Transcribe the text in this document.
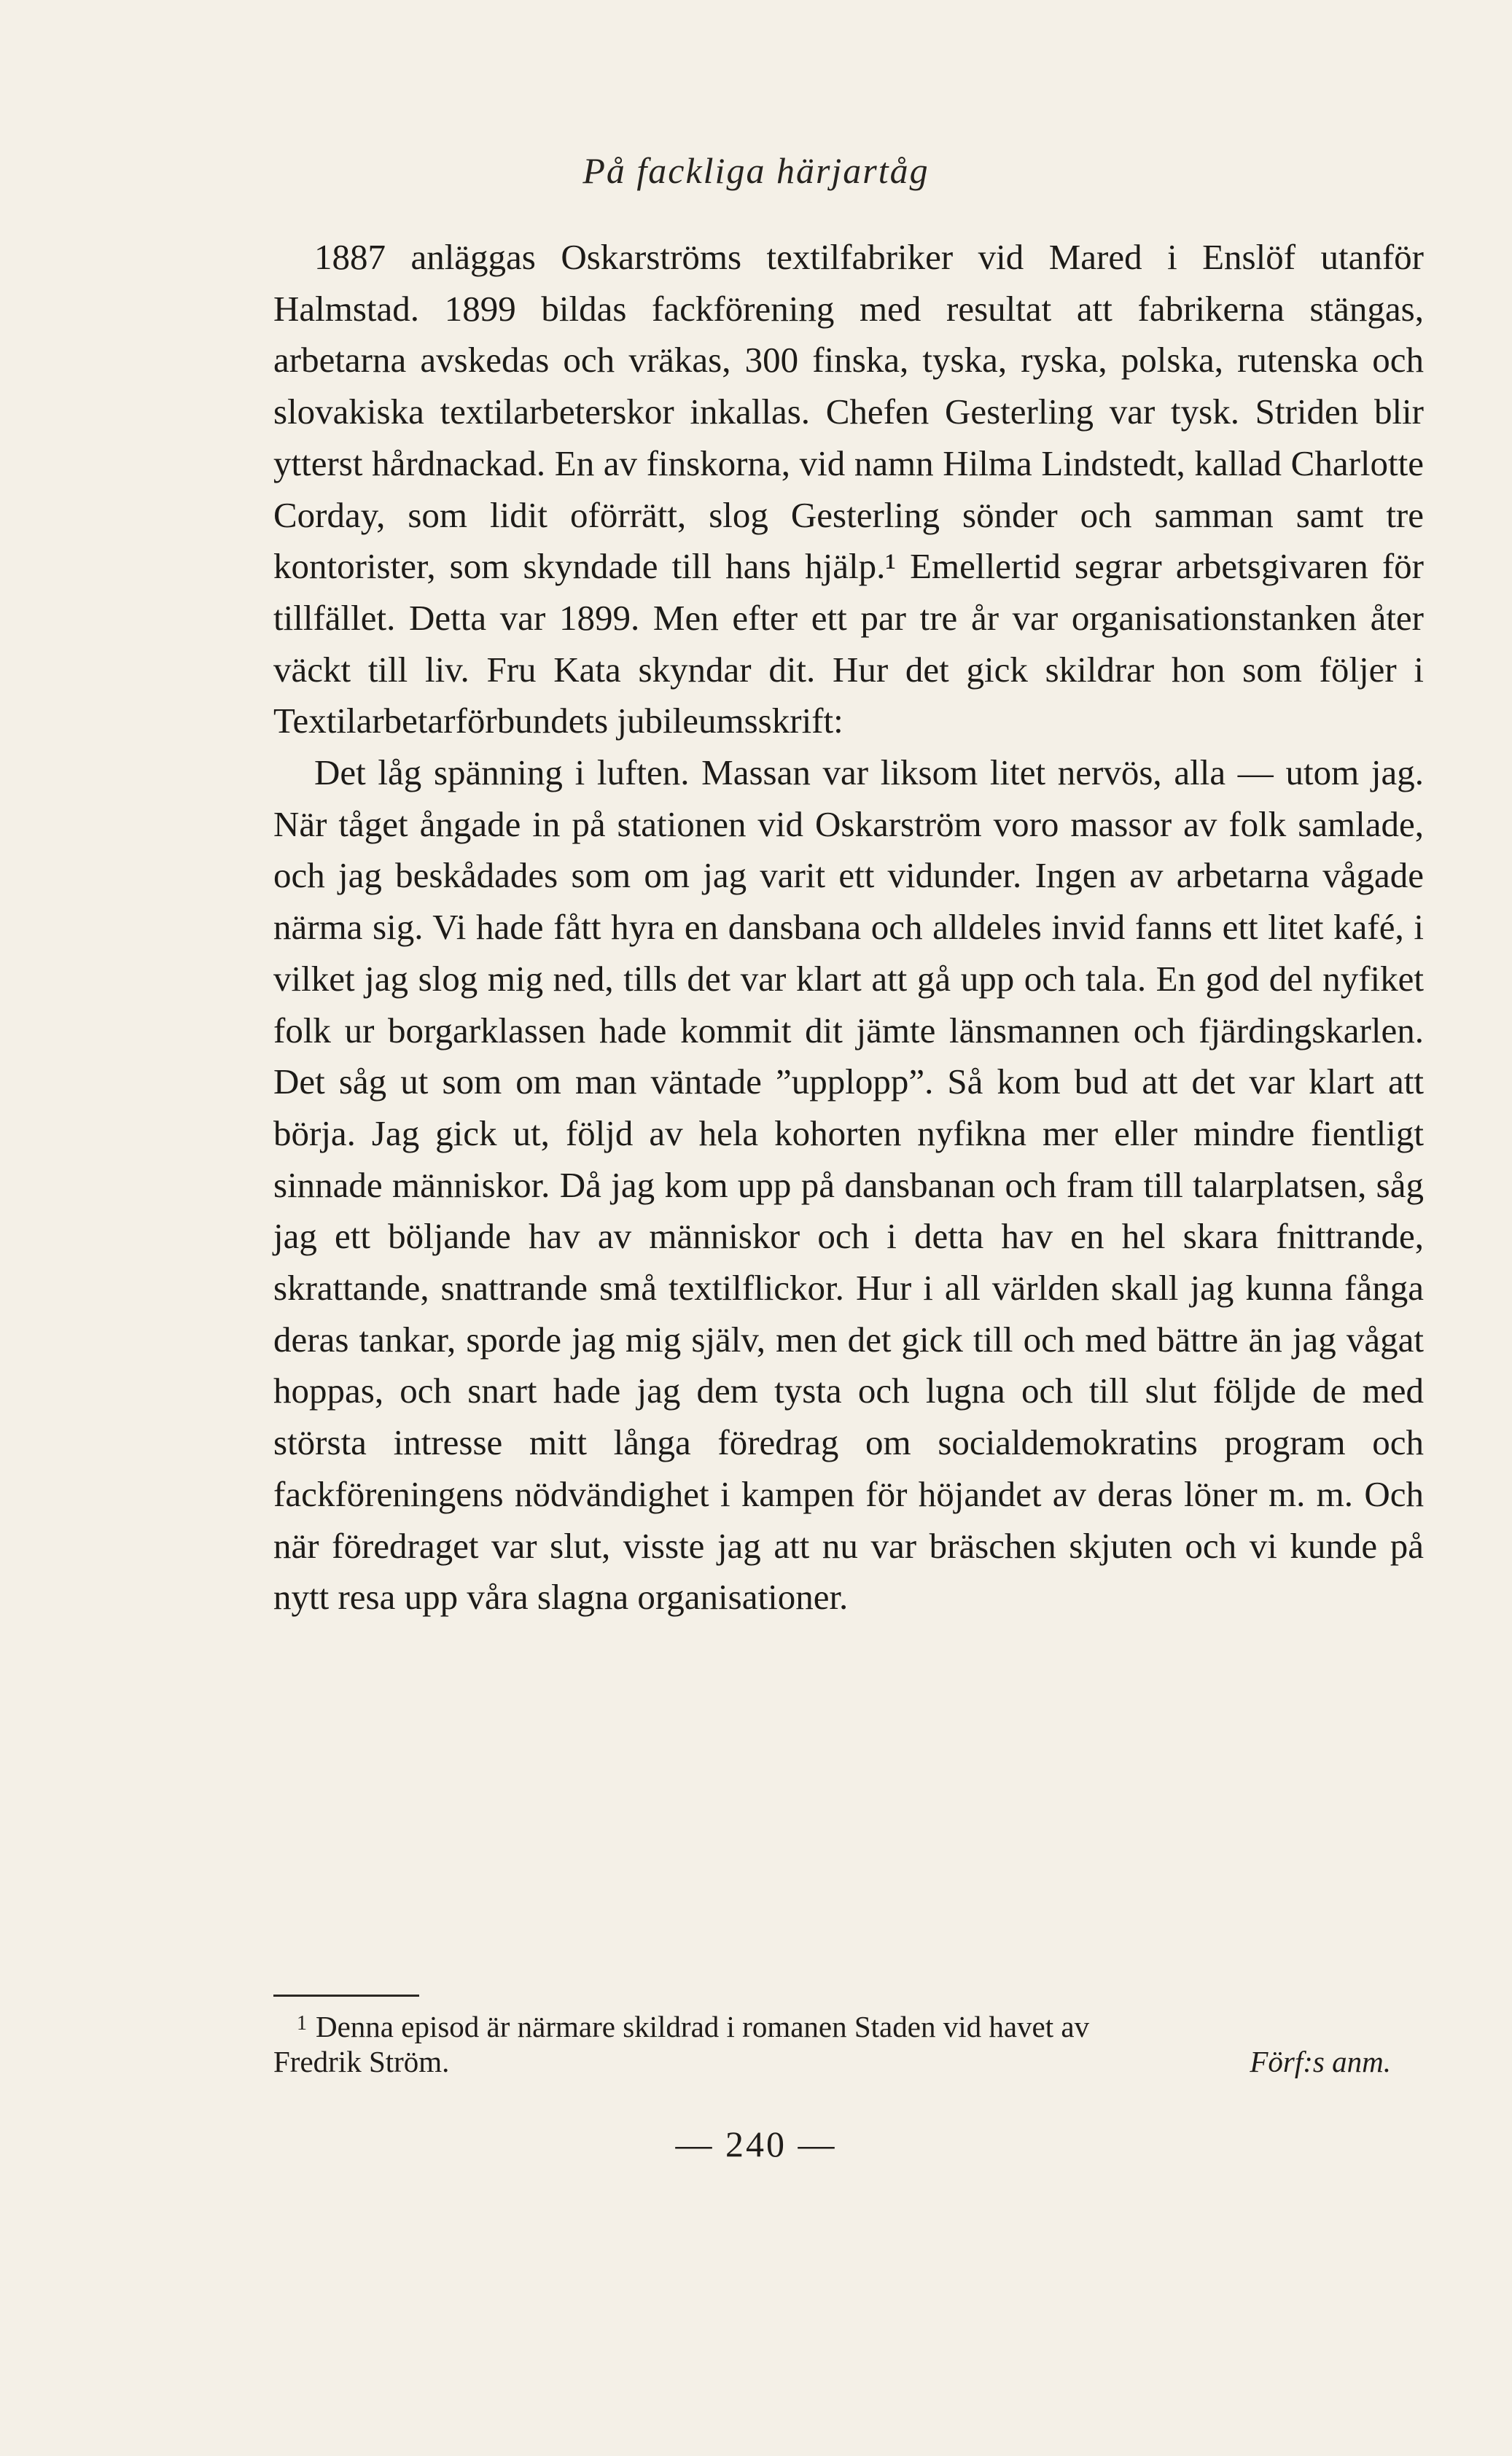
På fackliga härjartåg

1887 anläggas Oskarströms textilfabriker vid Mared i Enslöf utanför Halmstad. 1899 bildas fackförening med resultat att fabrikerna stängas, arbetarna avskedas och vräkas, 300 finska, tyska, ryska, polska, rutenska och slovakiska textilarbeterskor inkallas. Chefen Gesterling var tysk. Striden blir ytterst hårdnackad. En av finskorna, vid namn Hilma Lindstedt, kallad Charlotte Corday, som lidit oförrätt, slog Gesterling sönder och samman samt tre kontorister, som skyndade till hans hjälp.¹ Emellertid segrar arbetsgivaren för tillfället. Detta var 1899. Men efter ett par tre år var organisationstanken åter väckt till liv. Fru Kata skyndar dit. Hur det gick skildrar hon som följer i Textilarbetarförbundets jubileumsskrift:

Det låg spänning i luften. Massan var liksom litet nervös, alla — utom jag. När tåget ångade in på stationen vid Oskarström voro massor av folk samlade, och jag beskådades som om jag varit ett vidunder. Ingen av arbetarna vågade närma sig. Vi hade fått hyra en dansbana och alldeles invid fanns ett litet kafé, i vilket jag slog mig ned, tills det var klart att gå upp och tala. En god del nyfiket folk ur borgarklassen hade kommit dit jämte länsmannen och fjärdingskarlen. Det såg ut som om man väntade ”upplopp”. Så kom bud att det var klart att börja. Jag gick ut, följd av hela kohorten nyfikna mer eller mindre fientligt sinnade människor. Då jag kom upp på dansbanan och fram till talarplatsen, såg jag ett böljande hav av människor och i detta hav en hel skara fnittrande, skrattande, snattrande små textilflickor. Hur i all världen skall jag kunna fånga deras tankar, sporde jag mig själv, men det gick till och med bättre än jag vågat hoppas, och snart hade jag dem tysta och lugna och till slut följde de med största intresse mitt långa föredrag om socialdemokratins program och fackföreningens nödvändighet i kampen för höjandet av deras löner m. m. Och när föredraget var slut, visste jag att nu var bräschen skjuten och vi kunde på nytt resa upp våra slagna organisationer.

$^1$ Denna episod är närmare skildrad i romanen Staden vid havet av
Fredrik Ström.	Förf:s anm.
— 240 —
